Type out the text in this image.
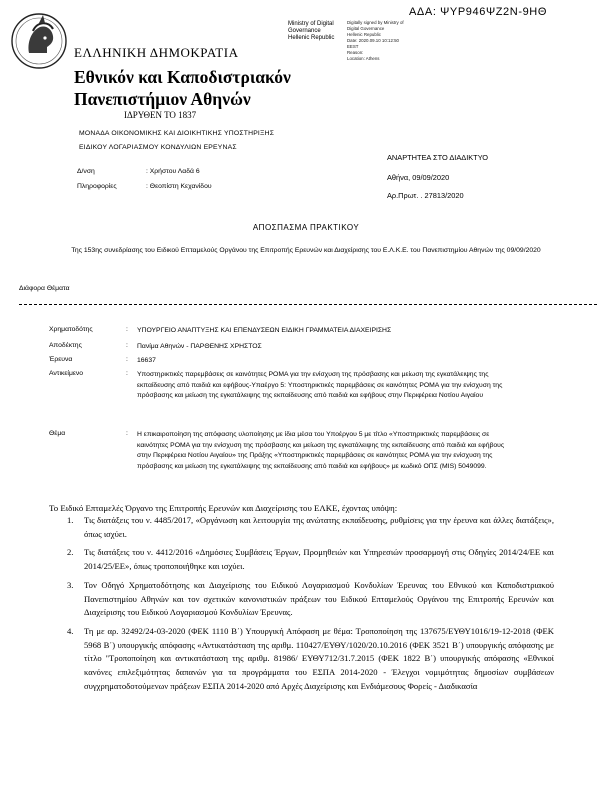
ΑΔΑ: ΨΥΡ946ΨΖ2Ν-9ΗΘ
Ministry of Digital
Governance
Hellenic Republic
Digitally signed by Ministry of Digital Governance
Hellenic Republic
Date: 2020.09.10 10:12:50
EEST
Reason:
Location: Athens
ΕΛΛΗΝΙΚΗ ΔΗΜΟΚΡΑΤΙΑ
Εθνικόν και Καποδιστριακόν
Πανεπιστήμιον Αθηνών
ΙΔΡΥΘΕΝ ΤΟ 1837
ΜΟΝΑΔΑ ΟΙΚΟΝΟΜΙΚΗΣ ΚΑΙ ΔΙΟΙΚΗΤΙΚΗΣ ΥΠΟΣΤΗΡΙΞΗΣ
ΕΙΔΙΚΟΥ ΛΟΓΑΡΙΑΣΜΟΥ ΚΟΝΔΥΛΙΩΝ ΕΡΕΥΝΑΣ
ΑΝΑΡΤΗΤΕΑ ΣΤΟ ΔΙΑΔΙΚΤΥΟ
Αθήνα, 09/09/2020
Αρ.Πρωτ. . 27813/2020
Δ/νση	: Χρήστου Λαδά 6
Πληροφορίες	: Θεοπίστη Κεχανίδου
ΑΠΟΣΠΑΣΜΑ ΠΡΑΚΤΙΚΟΥ
Της 153ης συνεδρίασης του Ειδικού Επταμελούς Οργάνου της Επιτροπής Ερευνών και Διαχείρισης του Ε.Λ.Κ.Ε. του Πανεπιστημίου Αθηνών της 09/09/2020
Διάφορα Θέματα
Χρηματοδότης	: ΥΠΟΥΡΓΕΙΟ ΑΝΑΠΤΥΞΗΣ ΚΑΙ ΕΠΕΝΔΥΣΕΩΝ ΕΙΔΙΚΗ ΓΡΑΜΜΑΤΕΙΑ ΔΙΑΧΕΙΡΙΣΗΣ
Αποδέκτης	: Πανίμα Αθηνών - ΠΑΡΘΕΝΗΣ ΧΡΗΣΤΟΣ
Έρευνα	: 16637
Αντικείμενο	: Υποστηρικτικές παρεμβάσεις σε καινότητες ΡΟΜΑ για την ενίσχυση της πρόσβασης και μείωση της εγκατάλειψης της εκπαίδευσης από παιδιά και εφήβους-Υπαέργο 5: Υποστηρικτικές παρεμβάσεις σε καινότητες ΡΟΜΑ για την ενίσχυση της πρόσβασης και μείωση της εγκατάλειψης της εκπαίδευσης από παιδιά και εφήβους στην Περιφέρεια Νοτίου Αιγαίου
Θέμα	: Η επικαιροποίηση της απόφασης υλοποίησης με ίδια μέσα του Υποέργου 5 με τίτλο «Υποστηρικτικές παρεμβάσεις σε καινότητες ΡΟΜΑ για την ενίσχυση της πρόσβασης και μείωση της εγκατάλειψης της εκπαίδευσης από παιδιά και εφήβους στην Περιφέρεια Νοτίου Αιγαίου» της Πράξης «Υποστηρικτικές παρεμβάσεις σε καινότητες ΡΟΜΑ για την ενίσχυση της πρόσβασης και μείωση της εγκατάλειψης της εκπαίδευσης από παιδιά και εφήβους» με κωδικό ΟΠΣ (MIS) 5049099.
Το Ειδικό Επταμελές Όργανο της Επιτροπής Ερευνών και Διαχείρισης του ΕΛΚΕ, έχοντας υπόψη:
1. Τις διατάξεις του ν. 4485/2017, «Οργάνωση και λειτουργία της ανώτατης εκπαίδευσης, ρυθμίσεις για την έρευνα και άλλες διατάξεις», όπως ισχύει.
2. Τις διατάξεις του ν. 4412/2016 «Δημόσιες Συμβάσεις Έργων, Προμηθειών και Υπηρεσιών προσαρμογή στις Οδηγίες 2014/24/ΕΕ και 2014/25/ΕΕ», όπως τροποποιήθηκε και ισχύει.
3. Τον Οδηγό Χρηματοδότησης και Διαχείρισης του Ειδικού Λογαριασμού Κονδυλίων Έρευνας του Εθνικού και Καποδιστριακού Πανεπιστημίου Αθηνών και τον σχετικών κανονιστικών πράξεων του Ειδικού Επταμελούς Οργάνου της Επιτροπής Ερευνών και Διαχείρισης του Ειδικού Λογαριασμού Κονδυλίων Έρευνας.
4. Τη με αρ. 32492/24-03-2020 (ΦΕΚ 1110 Β΄) Υπουργική Απόφαση με θέμα: Τροποποίηση της 137675/ΕΥΘΥ1016/19-12-2018 (ΦΕΚ 5968 Β΄) υπουργικής απόφασης «Αντικατάσταση της αριθμ. 110427/ΕΥΘΥ/1020/20.10.2016 (ΦΕΚ 3521 Β΄) υπουργικής απόφασης με τίτλο ''Τροποποίηση και αντικατάσταση της αριθμ. 81986/ ΕΥΘΥ712/31.7.2015 (ΦΕΚ 1822 Β΄) υπουργικής απόφασης «Εθνικοί κανόνες επιλεξιμότητας δαπανών για τα προγράμματα του ΕΣΠΑ 2014-2020 - Έλεγχοι νομιμότητας δημοσίων συμβάσεων συγχρηματοδοτούμενων πράξεων ΕΣΠΑ 2014-2020 από Αρχές Διαχείρισης και Ενδιάμεσους Φορείς - Διαδικασία
